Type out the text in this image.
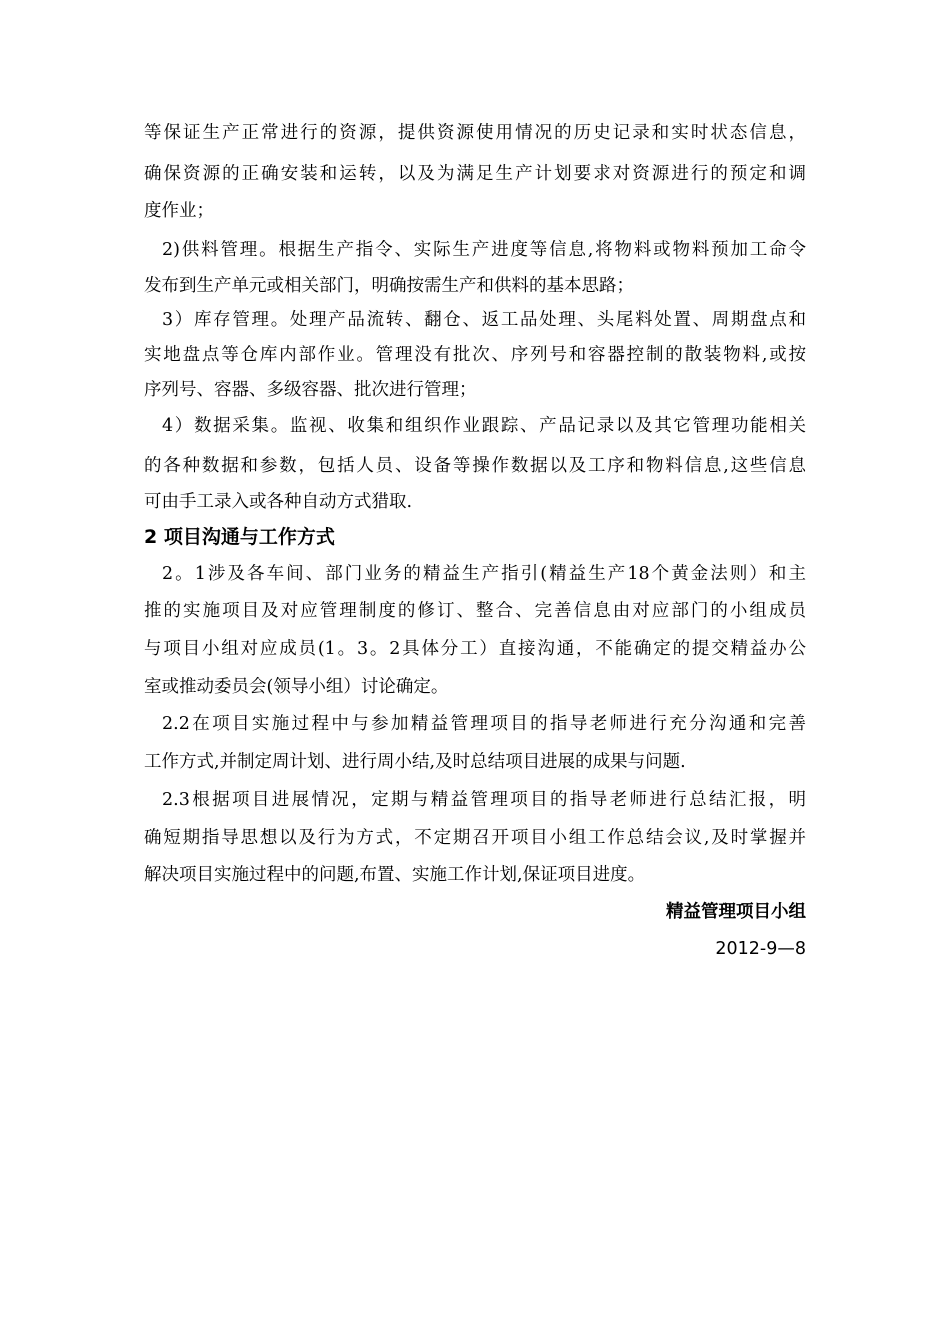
等保证生产正常进行的资源，提供资源使用情况的历史记录和实时状态信息，
确保资源的正确安装和运转，以及为满足生产计划要求对资源进行的预定和调
度作业；
2)供料管理。根据生产指令、实际生产进度等信息,将物料或物料预加工命令
发布到生产单元或相关部门，明确按需生产和供料的基本思路；
3）库存管理。处理产品流转、翻仓、返工品处理、头尾料处置、周期盘点和
实地盘点等仓库内部作业。管理没有批次、序列号和容器控制的散装物料,或按
序列号、容器、多级容器、批次进行管理；
4）数据采集。监视、收集和组织作业跟踪、产品记录以及其它管理功能相关
的各种数据和参数，包括人员、设备等操作数据以及工序和物料信息,这些信息
可由手工录入或各种自动方式猎取.
2 项目沟通与工作方式
2。1涉及各车间、部门业务的精益生产指引(精益生产18个黄金法则）和主
推的实施项目及对应管理制度的修订、整合、完善信息由对应部门的小组成员
与项目小组对应成员(1。3。2具体分工）直接沟通，不能确定的提交精益办公
室或推动委员会(领导小组）讨论确定。
2.2在项目实施过程中与参加精益管理项目的指导老师进行充分沟通和完善
工作方式,并制定周计划、进行周小结,及时总结项目进展的成果与问题.
2.3根据项目进展情况，定期与精益管理项目的指导老师进行总结汇报，明
确短期指导思想以及行为方式，不定期召开项目小组工作总结会议,及时掌握并
解决项目实施过程中的问题,布置、实施工作计划,保证项目进度。
精益管理项目小组
2012-9—8
